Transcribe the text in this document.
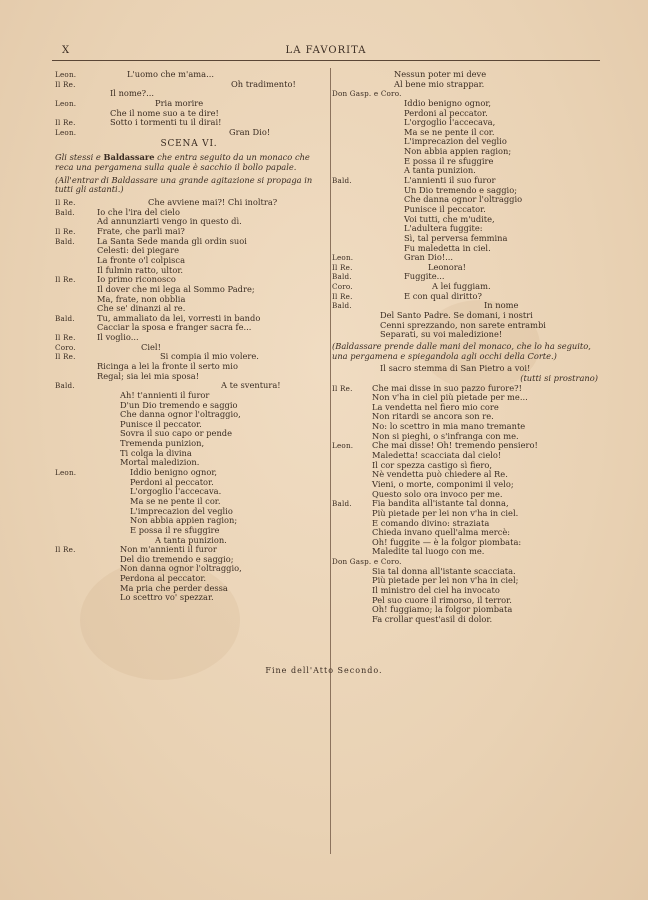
X	LA FAVORITA
Leon.	L'uomo che m'ama...
Il Re.	Oh tradimento!
Il nome?...
Leon.	Pria morire
Che il nome suo a te dire!
Il Re.	Sotto i tormenti tu il dirai!
Leon.	Gran Dio!
SCENA VI.
Gli stessi e Baldassare che entra seguito da un monaco che reca una pergamena sulla quale è sacchio il bollo papale.
(All'entrar di Baldassare una grande agitazione si propaga in tutti gli astanti.)
Il Re.	Che avviene mai?! Chi inoltra?
Bald.	Io che l'ira del cielo
Ad annunziarti vengo in questo dì.
Il Re.	Frate, che parli mai?
Bald.	La Santa Sede manda gli ordin suoi
Celesti: dei piegare
La fronte o'l colpisca
Il fulmin ratto, ultor.
Il Re.	Io primo riconosco
Il dover che mi lega al Sommo Padre;
Ma, frate, non obblia
Che se' dinanzi al re.
Bald.	Tu, ammaliato da lei, vorresti in bando
Cacciar la sposa e franger sacra fe...
Il Re.	Il voglio...
Coro.	Ciel!
Il Re.	Si compia il mio volere.
Ricinga a lei la fronte il serto mio
Regal; sia lei mia sposa!
Bald.	A te sventura!
Ah! t'annienti il furor
D'un Dio tremendo e saggio
Che danna ognor l'oltraggio,
Punisce il peccator.
Sovra il suo capo or pende
Tremenda punizion,
Ti colga la divina
Mortal maledizion.
Leon.	Iddio benigno ognor,
Perdoni al peccator.
L'orgoglio l'accecava.
Ma se ne pente il cor.
L'imprecazion del veglio
Non abbia appien ragion;
E possa il re sfuggire
A tanta punizion.
Il Re.	Non m'annienti il furor
Del dio tremendo e saggio;
Non danna ognor l'oltraggio,
Perdona al peccator.
Ma pria che perder dessa
Lo scettro vo' spezzar.
Nessun poter mi deve
Al bene mio strappar.
Don Gasp. e Coro.
Iddio benigno ognor,
Perdoni al peccator.
L'orgoglio l'accecava,
Ma se ne pente il cor.
L'imprecazion del veglio
Non abbia appien ragion;
E possa il re sfuggire
A tanta punizion.
Bald.	L'annienti il suo furor
Un Dio tremendo e saggio;
Che danna ognor l'oltraggio
Punisce il peccator.
Voi tutti, che m'udite,
L'adultera fuggite:
Sì, tal perversa femmina
Fu maledetta in ciel.
Leon.	Gran Dio!...
Il Re.	Leonora!
Bald.	Fuggite...
Coro.	A lei fuggiam.
Il Re.	E con qual diritto?
Bald.	In nome
Del Santo Padre. Se domani, i nostri
Cenni sprezzando, non sarete entrambi
Separati, su voi maledizione!
(Baldassare prende dalle mani del monaco, che lo ha seguito, una pergamena e spiegandola agli occhi della Corte.)
Il sacro stemma di San Pietro a voi!
(tutti si prostrano)
Il Re. Che mai disse in suo pazzo furore?!
Non v'ha in ciel più pietade per me...
La vendetta nel fiero mio core
Non ritardi se ancora son re.
No: lo scettro in mia mano tremante
Non si pieghi, o s'infranga con me.
Leon. Che mai disse! Oh! tremendo pensiero!
Maledetta! scacciata dal cielo!
Il cor spezza castigo sì fiero,
Nè vendetta può chiedere al Re.
Vieni, o morte, componimi il velo;
Questo solo ora invoco per me.
Bald. Fia bandita all'istante tal donna,
Più pietade per lei non v'ha in ciel.
E comando divino: straziata
Chieda invano quell'alma mercè:
Oh! fuggite — è la folgor piombata:
Maledite tal luogo con me.
Don Gasp. e Coro.
Sia tal donna all'istante scacciata.
Più pietade per lei non v'ha in ciel;
Il ministro del ciel ha invocato
Pel suo cuore il rimorso, il terror.
Oh! fuggiamo; la folgor piombata
Fa crollar quest'asil di dolor.
Fine dell'Atto Secondo.
